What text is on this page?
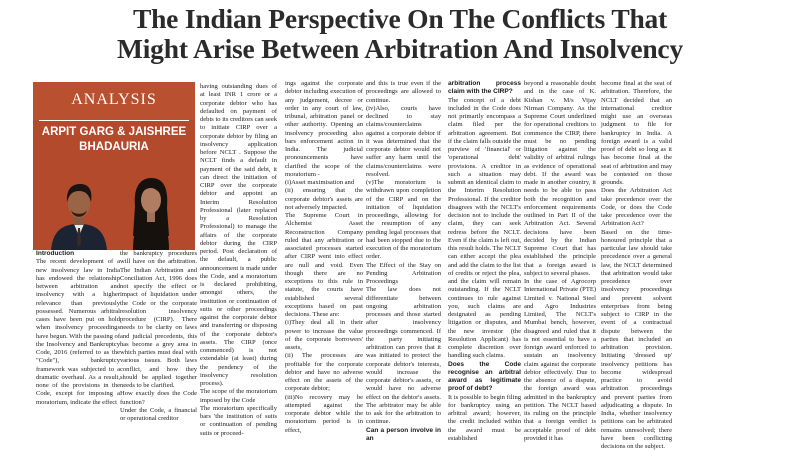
The Indian Perspective On The Conflicts That
Might Arise Between Arbitration And Insolvency
ANALYSIS
ARPIT GARG & JAISHREE
BHADAURIA

Introduction

The recent development of a new insolvency law in India has endowed the relationship between arbitration and insolvency with a higher relevance than previously possessed. Numerous arbitral cases have been put on hold when insolvency proceedings have begun. With the passing of the Insolvency and Bankruptcy Code, 2016 (referred to as the "Code"), bankruptcy framework was subjected to a dramatic overhaul. As a result, none of the provisions in the Code, except for imposing a moratorium, indicate the effect

the bankruptcy procedures will have on the arbitration. The Indian Arbitration and Conciliation Act, 1996 does not specify the effect or impact of liquidation under the Code or the corporate resolution insolvency procedure (CIRP). There needs to be clarity on laws and judicial precedents, this has become a grey area in which parties must deal with various issues. Both laws conflict, and how they should be applied together needs to be clarified.

How exactly does the Code function?

Under the Code, a financial or operational creditor

having outstanding dues of at least INR 1 crore or a corporate debtor who has defaulted on payment of debts to its creditors can seek to initiate CIRP over a corporate debtor by filing an insolvency application before NCLT . Suppose the NCLT finds a default in payment of the said debt, it can direct the initiation of CIRP over the corporate debtor and appoint an Interim Resolution Professional (later replaced by a Resolution Professional) to manage the affairs of the corporate debtor during the CIRP period. Post declaration of the default, a public announcement is made under the Code, and a moratorium is declared prohibiting, amongst others, the institution or continuation of suits or other proceedings against the corporate debtor and transferring or disposing of the corporate debtor's assets. The CIRP (once commenced) is not extendable (at least) during the pendency of the insolvency resolution process).

The scope of the moratorium imposed by the Code

The moratorium specifically bars 'the institution of suits or continuation of pending suits or proceed-

ings against the corporate debtor including execution of any judgement, decree or order in any court of law, tribunal, arbitration panel or other authority. Opening an insolvency proceeding also bars enforcement action in India. The judicial pronouncements have clarified the scope of the moratorium -

(i)Asset maximisation and

(ii) ensuring that the corporate debtor's assets are not adversely impacted.

The Supreme Court in Alchemist Asset Reconstruction Company ruled that any arbitration or associated processes started after CIRP went into effect are null and void. Even though there are no exceptions to this rule in statute, the courts have established several exceptions based on past decisions. These are:

(i)They deal all in their power to increase the value of the corporate borrowers' assets,

(ii) The processes are profitable for the corporate debtor and have no adverse effect on the assets of the corporate debtor;

(iii)No recovery may be attempted against the corporate debtor while the moratorium period is in effect,

and this is true even if the proceedings are allowed to continue.

(iv)Also, courts have declined to stay claims/counterclaims against a corporate debtor if it was determined that the corporate debtor would not suffer any harm until the claims/counterclaims were resolved.

(v)The moratorium is withdrawn upon completion of the CIRP and on the initiation of liquidation proceedings, allowing for the resumption of any pending legal processes that had been stopped due to the execution of the moratorium order.

The Effect of the Stay on Pending Arbitration Proceedings

The law does not differentiate between ongoing arbitration processes and those started after insolvency proceedings commenced. If the party initiating arbitration can prove that it was initiated to protect the corporate debtor's interests, would increase the corporate debtor's assets, or would have no adverse effect on the debtor's assets. The arbitrator may be able to ask for the arbitration to continue.

Can a person involve in an

arbitration process claim with the CIRP?

The concept of a debt included in the Code does not primarily encompass a claim filed per the arbitration agreement. But if the claim falls outside the purview of 'financial' or 'operational debt' provisions. A creditor in such a situation may submit an identical claim to the Interim Resolution Professional. If the creditor disagrees with the NCLT's decision not to include the claim, they can seek redress before the NCLT. Even if the claim is left out, this result holds. The NCLT can either accept the plea and add the claim to the list of credits or reject the plea, and the claim will remain outstanding. If the NCLT continues to rule against you, such claims are designated as pending litigation or disputes, and the new investor (the Resolution Applicant) has complete discretion over handling such claims.

Does the Code recognise an arbitral award as legitimate proof of debt?

It is possible to begin filing for bankruptcy using an arbitral award; however, the credit included within the award must be established

beyond a reasonable doubt and in the case of K. Kishan v. M/s Vijay Nirman Company. As the Supreme Court underlined for operational creditors to commence the CIRP, there must be no pending litigation against the validity of arbitral rulings as evidence of operational debt. If the award was made in another country, it needs to be able to pass both the recognition and enforcement requirements outlined in Part II of the Arbitration Act. Several decisions have been decided by the Indian Supreme Court that has established the principle that a foreign award is subject to several phases.

In the case of Agrocorp International Private (PTE) Limited v. National Steel and Agro Industries Limited, The NCLT's Mumbai bench, however, disagreed and ruled that it is not essential to have a foreign award enforced to sustain an insolvency claim against the corporate debtor effectively. Due to the absence of a dispute, the foreign award was admitted in the bankruptcy petition. The NCLT based its ruling on the principle that a foreign verdict is acceptable proof of debt provided it has

become final at the seat of arbitration. Therefore, the NCLT decided that an international creditor might use an overseas judgment to file for bankruptcy in India. A foreign award is a valid proof of debt so long as it has become final at the seat of arbitration and may be contested on those grounds.

Does the Arbitration Act take precedence over the Code, or does the Code take precedence over the Arbitration Act?

Based on the time-honoured principle that a particular law should take precedence over a general law, the NCLT determined that arbitration would take precedence over insolvency proceedings and prevent solvent enterprises from being subject to CIRP in the event of a contractual dispute between the parties that included an arbitration provision. Initiating 'dressed up' insolvency petitions has become widespread practice to avoid arbitration proceedings and prevent parties from adjudicating a dispute. In India, whether insolvency petitions can be arbitrated remains unresolved; there have been conflicting decisions on the subject.
